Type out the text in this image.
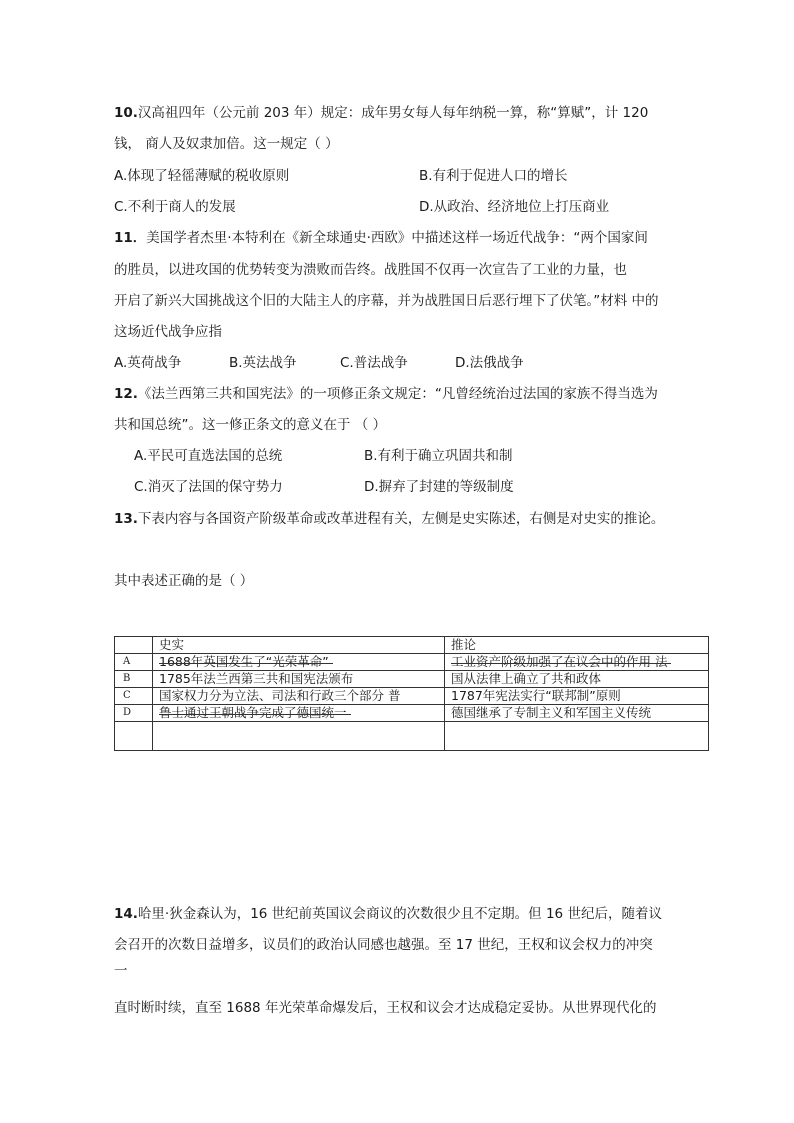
10.汉高祖四年（公元前 203 年）规定：成年男女每人每年纳税一算，称“算赋”，计 120
钱， 商人及奴隶加倍。这一规定（ ）
A.体现了轻徭薄赋的税收原则	B.有利于促进人口的增长
C.不利于商人的发展	D.从政治、经济地位上打压商业
11．美国学者杰里·本特利在《新全球通史·西欧》中描述这样一场近代战争：“两个国家间
的胜员，以进攻国的优势转变为溃败而告终。战胜国不仅再一次宣告了工业的力量，也
开启了新兴大国挑战这个旧的大陆主人的序幕，并为战胜国日后恶行埋下了伏笔。”材料 中的
这场近代战争应指
A.英荷战争	B.英法战争	C.普法战争	D.法俄战争
12.《法兰西第三共和国宪法》的一项修正条文规定：“凡曾经统治过法国的家族不得当选为
共和国总统”。这一修正条文的意义在于 （ ）
A.平民可直选法国的总统	B.有利于确立巩固共和制
C.消灭了法国的保守势力	D.摒弃了封建的等级制度
13.下表内容与各国资产阶级革命或改革进程有关，左侧是史实陈述，右侧是对史实的推论。
其中表述正确的是（ ）
	史实	推论
A	1688年英国发生了“光荣革命”	工业资产阶级加强了在议会中的作用 法
B	1785年法兰西第三共和国宪法颁布	国从法律上确立了共和政体
C	国家权力分为立法、司法和行政三个部分 普	1787年宪法实行“联邦制”原则
D	鲁士通过王朝战争完成了德国统一	德国继承了专制主义和军国主义传统

14.哈里·狄金森认为，16 世纪前英国议会商议的次数很少且不定期。但 16 世纪后，随着议
会召开的次数日益增多，议员们的政治认同感也越强。至 17 世纪，王权和议会权力的冲突
一
直时断时续，直至 1688 年光荣革命爆发后，王权和议会才达成稳定妥协。从世界现代化的
